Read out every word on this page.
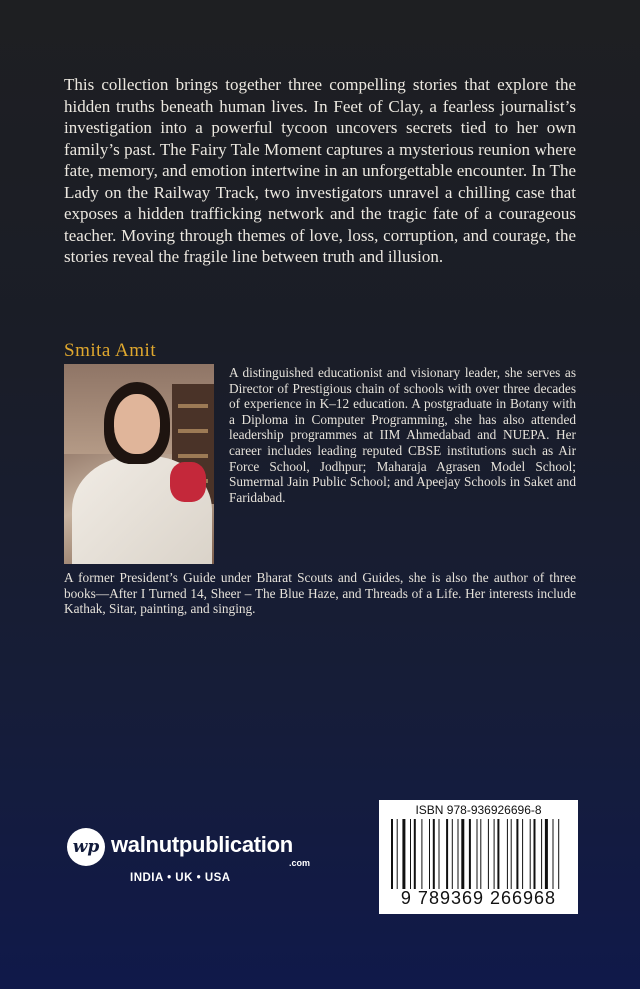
This collection brings together three compelling stories that explore the hidden truths beneath human lives. In Feet of Clay, a fearless journalist’s investigation into a powerful tycoon uncovers secrets tied to her own family’s past. The Fairy Tale Moment captures a mysterious reunion where fate, memory, and emotion intertwine in an unforgettable encounter. In The Lady on the Railway Track, two investigators unravel a chilling case that exposes a hidden trafficking network and the tragic fate of a courageous teacher. Moving through themes of love, loss, corruption, and courage, the stories reveal the fragile line between truth and illusion.

Smita Amit

A distinguished educationist and visionary leader, she serves as Director of Prestigious chain of schools with over three decades of experience in K–12 education. A postgraduate in Botany with a Diploma in Computer Programming, she has also attended leadership programmes at IIM Ahmedabad and NUEPA. Her career includes leading reputed CBSE institutions such as Air Force School, Jodhpur; Maharaja Agrasen Model School; Sumermal Jain Public School; and Apeejay Schools in Saket and Faridabad.

A former President’s Guide under Bharat Scouts and Guides, she is also the author of three books—After I Turned 14, Sheer – The Blue Haze, and Threads of a Life. Her interests include Kathak, Sitar, painting, and singing.

wp walnutpublication
.com
INDIA • UK • USA
ISBN 978-936926696-8
9 789369 266968
